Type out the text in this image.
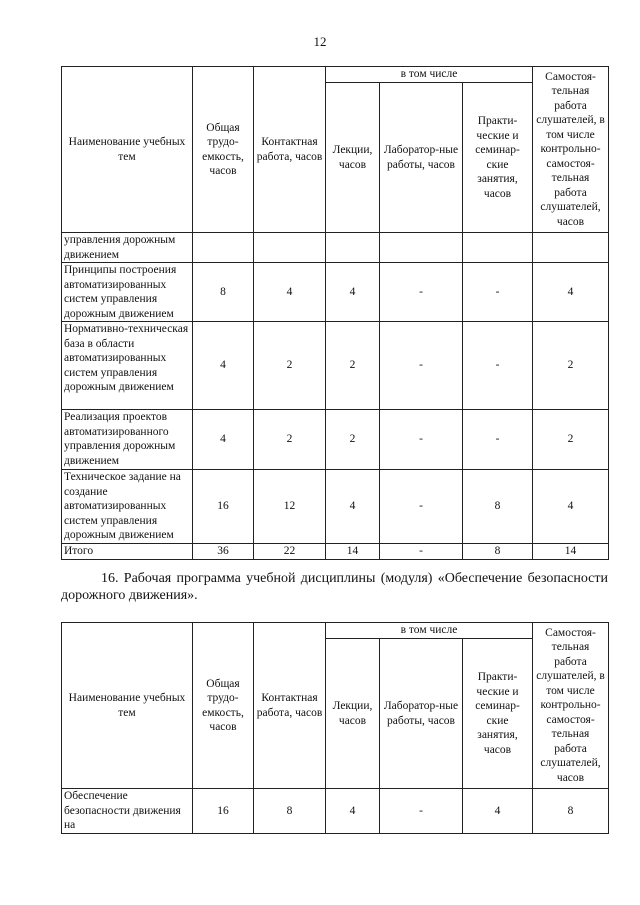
12
Наименование учебных тем	Общая трудо-емкость, часов	Контактная работа, часов	в том числе			Самостоя-тельная работа слушателей, в том числе контрольно-самостоя-тельная работа слушателей, часов
			Лекции, часов	Лаборатор-ные работы, часов	Практи-ческие и семинар-ские занятия, часов	
управления дорожным движением						
Принципы построения автоматизированных систем управления дорожным движением	8	4	4	-	-	4
Нормативно-техническая база в области автоматизированных систем управления дорожным движением	4	2	2	-	-	2
Реализация проектов автоматизированного управления дорожным движением	4	2	2	-	-	2
Техническое задание на создание автоматизированных систем управления дорожным движением	16	12	4	-	8	4
Итого	36	22	14	-	8	14

16. Рабочая программа учебной дисциплины (модуля) «Обеспечение безопасности дорожного движения».

Наименование учебных тем	Общая трудо-емкость, часов	Контактная работа, часов	в том числе			Самостоя-тельная работа слушателей, в том числе контрольно-самостоя-тельная работа слушателей, часов
			Лекции, часов	Лаборатор-ные работы, часов	Практи-ческие и семинар-ские занятия, часов	
Обеспечение безопасности движения на	16	8	4	-	4	8
